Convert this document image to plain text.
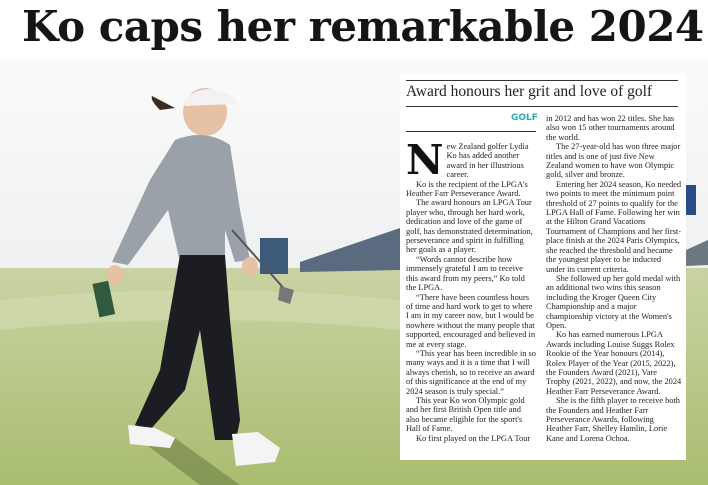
Ko caps her remarkable 2024
Award honours her grit and love of golf
GOLF
N ew Zealand golfer Lydia Ko has added another award in her illustrious career.

Ko is the recipient of the LPGA's Heather Farr Perseverance Award.

The award honours an LPGA Tour player who, through her hard work, dedication and love of the game of golf, has demonstrated determination, perseverance and spirit in fulfilling her goals as a player.

“Words cannot describe how immensely grateful I am to receive this award from my peers,” Ko told the LPGA.

“There have been countless hours of time and hard work to get to where I am in my career now, but I would be nowhere without the many people that supported, encouraged and believed in me at every stage.

“This year has been incredible in so many ways and it is a time that I will always cherish, so to receive an award of this significance at the end of my 2024 season is truly special.”

This year Ko won Olympic gold and her first British Open title and also became eligible for the sport's Hall of Fame.

Ko first played on the LPGA Tour

in 2012 and has won 22 titles. She has also won 15 other tournaments around the world.

The 27-year-old has won three major titles and is one of just five New Zealand women to have won Olympic gold, silver and bronze.

Entering her 2024 season, Ko needed two points to meet the minimum point threshold of 27 points to qualify for the LPGA Hall of Fame. Following her win at the Hilton Grand Vacations Tournament of Champions and her first-place finish at the 2024 Paris Olympics, she reached the threshold and became the youngest player to be inducted under its current criteria.

She followed up her gold medal with an additional two wins this season including the Kroger Queen City Championship and a major championship victory at the Women's Open.

Ko has earned numerous LPGA Awards including Louise Suggs Rolex Rookie of the Year honours (2014), Rolex Player of the Year (2015, 2022), the Founders Award (2021), Vare Trophy (2021, 2022), and now, the 2024 Heather Farr Perseverance Award.

She is the fifth player to receive both the Founders and Heather Farr Perseverance Awards, following Heather Farr, Shelley Hamlin, Lorie Kane and Lorena Ochoa.
